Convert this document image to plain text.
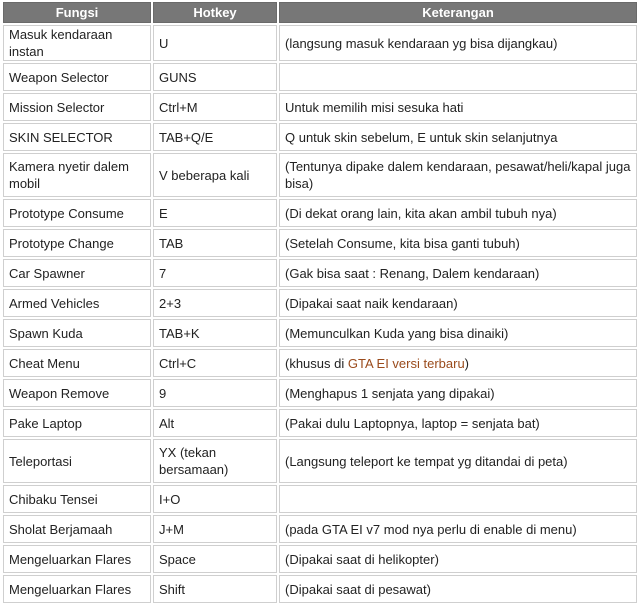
Fungsi	Hotkey	Keterangan
Masuk kendaraan instan	U	(langsung masuk kendaraan yg bisa dijangkau)
Weapon Selector	GUNS	
Mission Selector	Ctrl+M	Untuk memilih misi sesuka hati
SKIN SELECTOR	TAB+Q/E	Q untuk skin sebelum, E untuk skin selanjutnya
Kamera nyetir dalem mobil	V beberapa kali	(Tentunya dipake dalem kendaraan, pesawat/heli/kapal juga bisa)
Prototype Consume	E	(Di dekat orang lain, kita akan ambil tubuh nya)
Prototype Change	TAB	(Setelah Consume, kita bisa ganti tubuh)
Car Spawner	7	(Gak bisa saat : Renang, Dalem kendaraan)
Armed Vehicles	2+3	(Dipakai saat naik kendaraan)
Spawn Kuda	TAB+K	(Memunculkan Kuda yang bisa dinaiki)
Cheat Menu	Ctrl+C	(khusus di GTA EI versi terbaru)
Weapon Remove	9	(Menghapus 1 senjata yang dipakai)
Pake Laptop	Alt	(Pakai dulu Laptopnya, laptop = senjata bat)
Teleportasi	YX (tekan bersamaan)	(Langsung teleport ke tempat yg ditandai di peta)
Chibaku Tensei	I+O	
Sholat Berjamaah	J+M	(pada GTA EI v7 mod nya perlu di enable di menu)
Mengeluarkan Flares	Space	(Dipakai saat di helikopter)
Mengeluarkan Flares	Shift	(Dipakai saat di pesawat)
